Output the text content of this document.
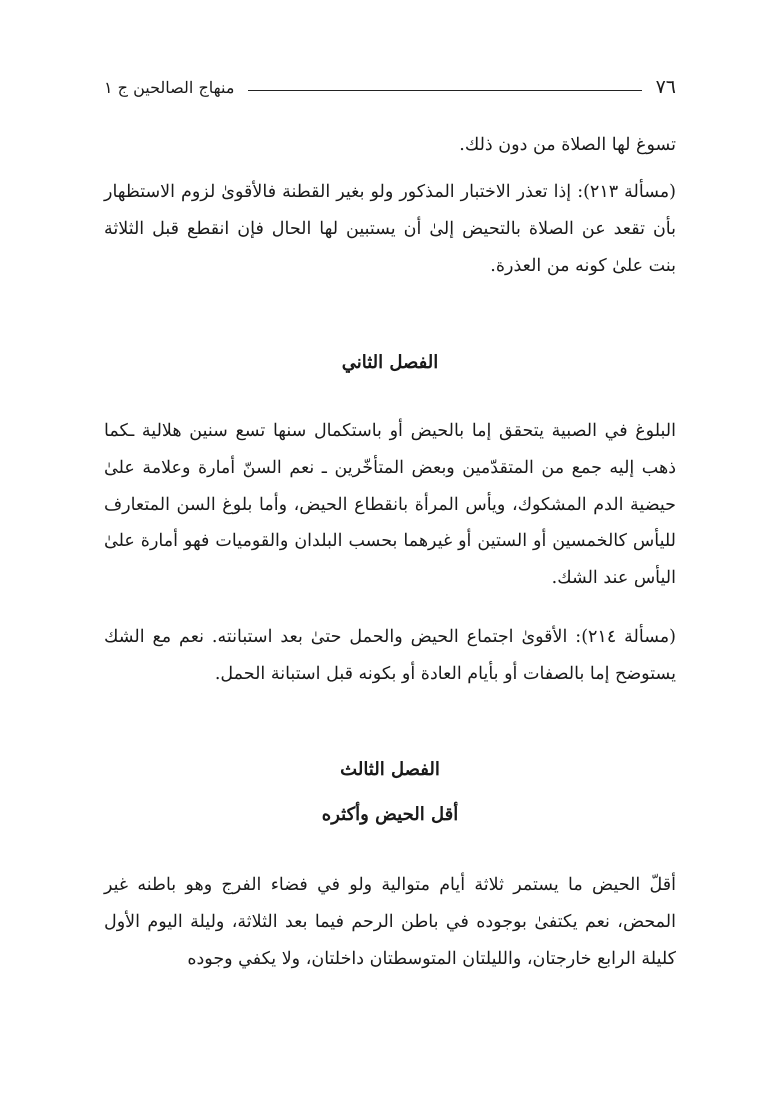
٧٦
منهاج الصالحين ج ١

تسوغ لها الصلاة من دون ذلك.

(مسألة ٢١٣): إذا تعذر الاختبار المذكور ولو بغير القطنة فالأقوىٰ لزوم الاستظهار بأن تقعد عن الصلاة بالتحيض إلىٰ أن يستبين لها الحال فإن انقطع قبل الثلاثة بنت علىٰ كونه من العذرة.

الفصل الثاني

البلوغ في الصبية يتحقق إما بالحيض أو باستكمال سنها تسع سنين هلالية ـكما ذهب إليه جمع من المتقدّمين وبعض المتأخّرين ـ نعم السنّ أمارة وعلامة علىٰ حيضية الدم المشكوك، ويأس المرأة بانقطاع الحيض، وأما بلوغ السن المتعارف لليأس كالخمسين أو الستين أو غيرهما بحسب البلدان والقوميات فهو أمارة علىٰ اليأس عند الشك.

(مسألة ٢١٤): الأقوىٰ اجتماع الحيض والحمل حتىٰ بعد استبانته. نعم مع الشك يستوضح إما بالصفات أو بأيام العادة أو بكونه قبل استبانة الحمل.

الفصل الثالث
أقل الحيض وأكثره

أقلّ الحيض ما يستمر ثلاثة أيام متوالية ولو في فضاء الفرج وهو باطنه غير المحض، نعم يكتفىٰ بوجوده في باطن الرحم فيما بعد الثلاثة، وليلة اليوم الأول كليلة الرابع خارجتان، والليلتان المتوسطتان داخلتان، ولا يكفي وجوده
